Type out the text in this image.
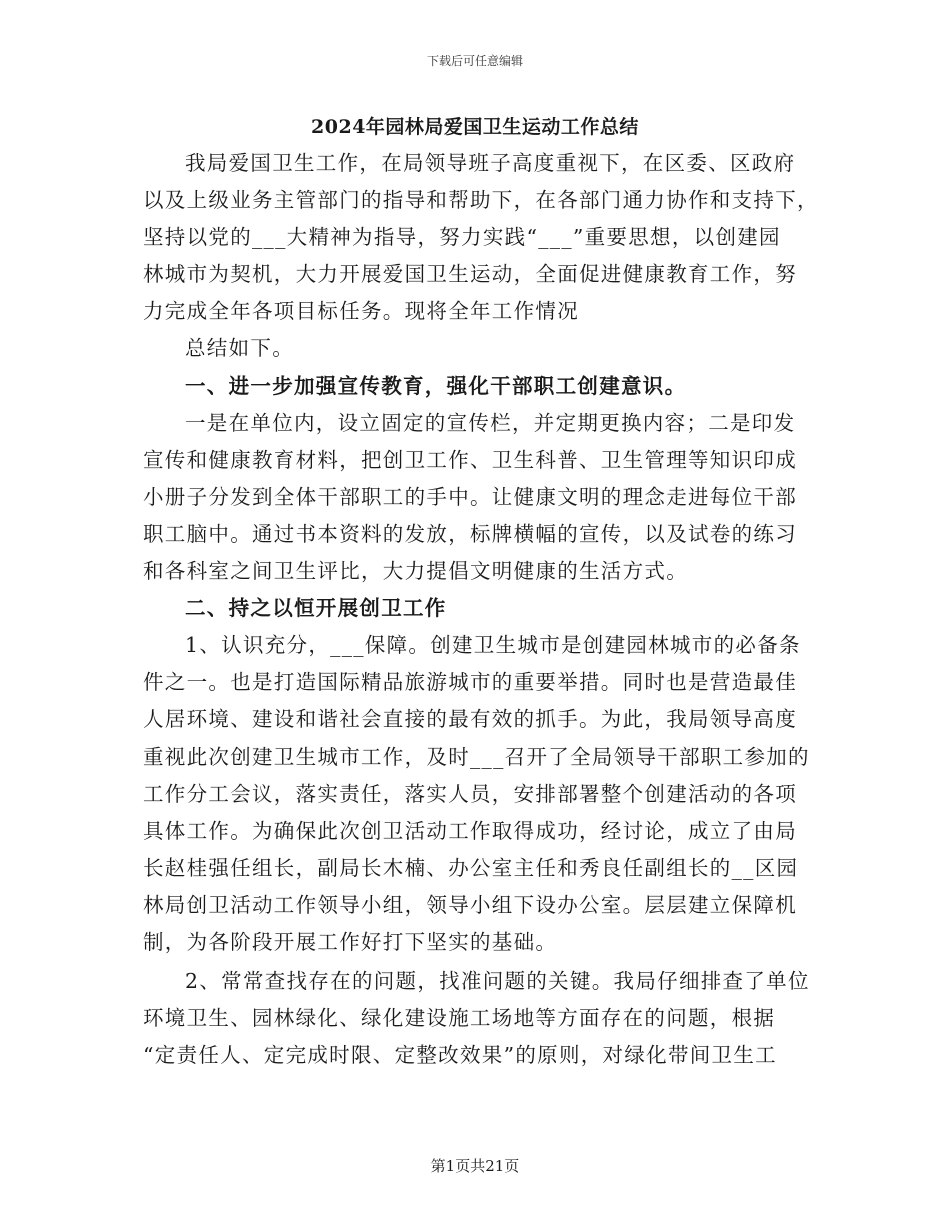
下载后可任意编辑
2024年园林局爱国卫生运动工作总结
我局爱国卫生工作，在局领导班子高度重视下，在区委、区政府
以及上级业务主管部门的指导和帮助下，在各部门通力协作和支持下，
坚持以党的___大精神为指导，努力实践“___”重要思想，以创建园
林城市为契机，大力开展爱国卫生运动，全面促进健康教育工作，努
力完成全年各项目标任务。现将全年工作情况
总结如下。
一、进一步加强宣传教育，强化干部职工创建意识。
一是在单位内，设立固定的宣传栏，并定期更换内容；二是印发
宣传和健康教育材料，把创卫工作、卫生科普、卫生管理等知识印成
小册子分发到全体干部职工的手中。让健康文明的理念走进每位干部
职工脑中。通过书本资料的发放，标牌横幅的宣传，以及试卷的练习
和各科室之间卫生评比，大力提倡文明健康的生活方式。
二、持之以恒开展创卫工作
1、认识充分，___保障。创建卫生城市是创建园林城市的必备条
件之一。也是打造国际精品旅游城市的重要举措。同时也是营造最佳
人居环境、建设和谐社会直接的最有效的抓手。为此，我局领导高度
重视此次创建卫生城市工作，及时___召开了全局领导干部职工参加的
工作分工会议，落实责任，落实人员，安排部署整个创建活动的各项
具体工作。为确保此次创卫活动工作取得成功，经讨论，成立了由局
长赵桂强任组长，副局长木楠、办公室主任和秀良任副组长的__区园
林局创卫活动工作领导小组，领导小组下设办公室。层层建立保障机
制，为各阶段开展工作好打下坚实的基础。
2、常常查找存在的问题，找准问题的关键。我局仔细排查了单位
环境卫生、园林绿化、绿化建设施工场地等方面存在的问题，根据
“定责任人、定完成时限、定整改效果”的原则，对绿化带间卫生工
第1页共21页
